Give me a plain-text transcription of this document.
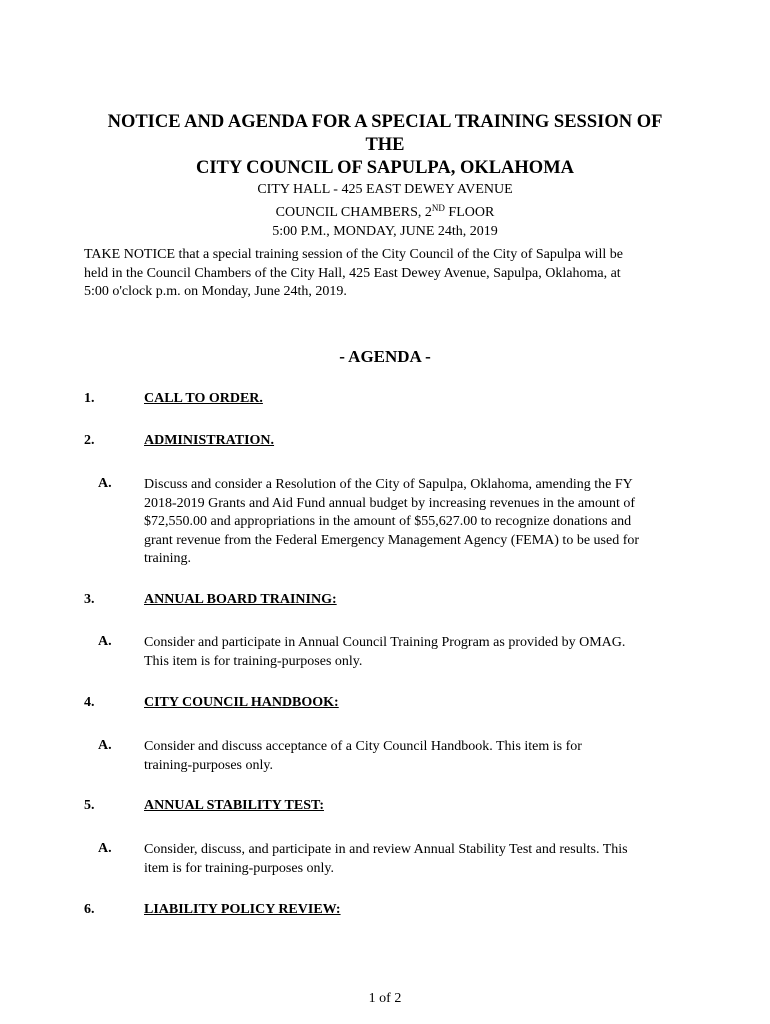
NOTICE AND AGENDA FOR A SPECIAL TRAINING SESSION OF

THE

CITY COUNCIL OF SAPULPA, OKLAHOMA

CITY HALL - 425 EAST DEWEY AVENUE

COUNCIL CHAMBERS, 2ND FLOOR

5:00 P.M., MONDAY, JUNE 24th, 2019

TAKE NOTICE that a special training session of the City Council of the City of Sapulpa will be
held in the Council Chambers of the City Hall, 425 East Dewey Avenue, Sapulpa, Oklahoma, at
5:00 o'clock p.m. on Monday, June 24th, 2019.

- AGENDA -

1.	CALL TO ORDER.
2.	ADMINISTRATION.
A. Discuss and consider a Resolution of the City of Sapulpa, Oklahoma, amending the FY
2018-2019 Grants and Aid Fund annual budget by increasing revenues in the amount of
$72,550.00 and appropriations in the amount of $55,627.00 to recognize donations and
grant revenue from the Federal Emergency Management Agency (FEMA) to be used for
training.
3.	ANNUAL BOARD TRAINING:
A. Consider and participate in Annual Council Training Program as provided by OMAG.
This item is for training-purposes only.
4.	CITY COUNCIL HANDBOOK:
A. Consider and discuss acceptance of a City Council Handbook. This item is for
training-purposes only.
5.	ANNUAL STABILITY TEST:
A. Consider, discuss, and participate in and review Annual Stability Test and results. This
item is for training-purposes only.
6.	LIABILITY POLICY REVIEW:
1 of 2
